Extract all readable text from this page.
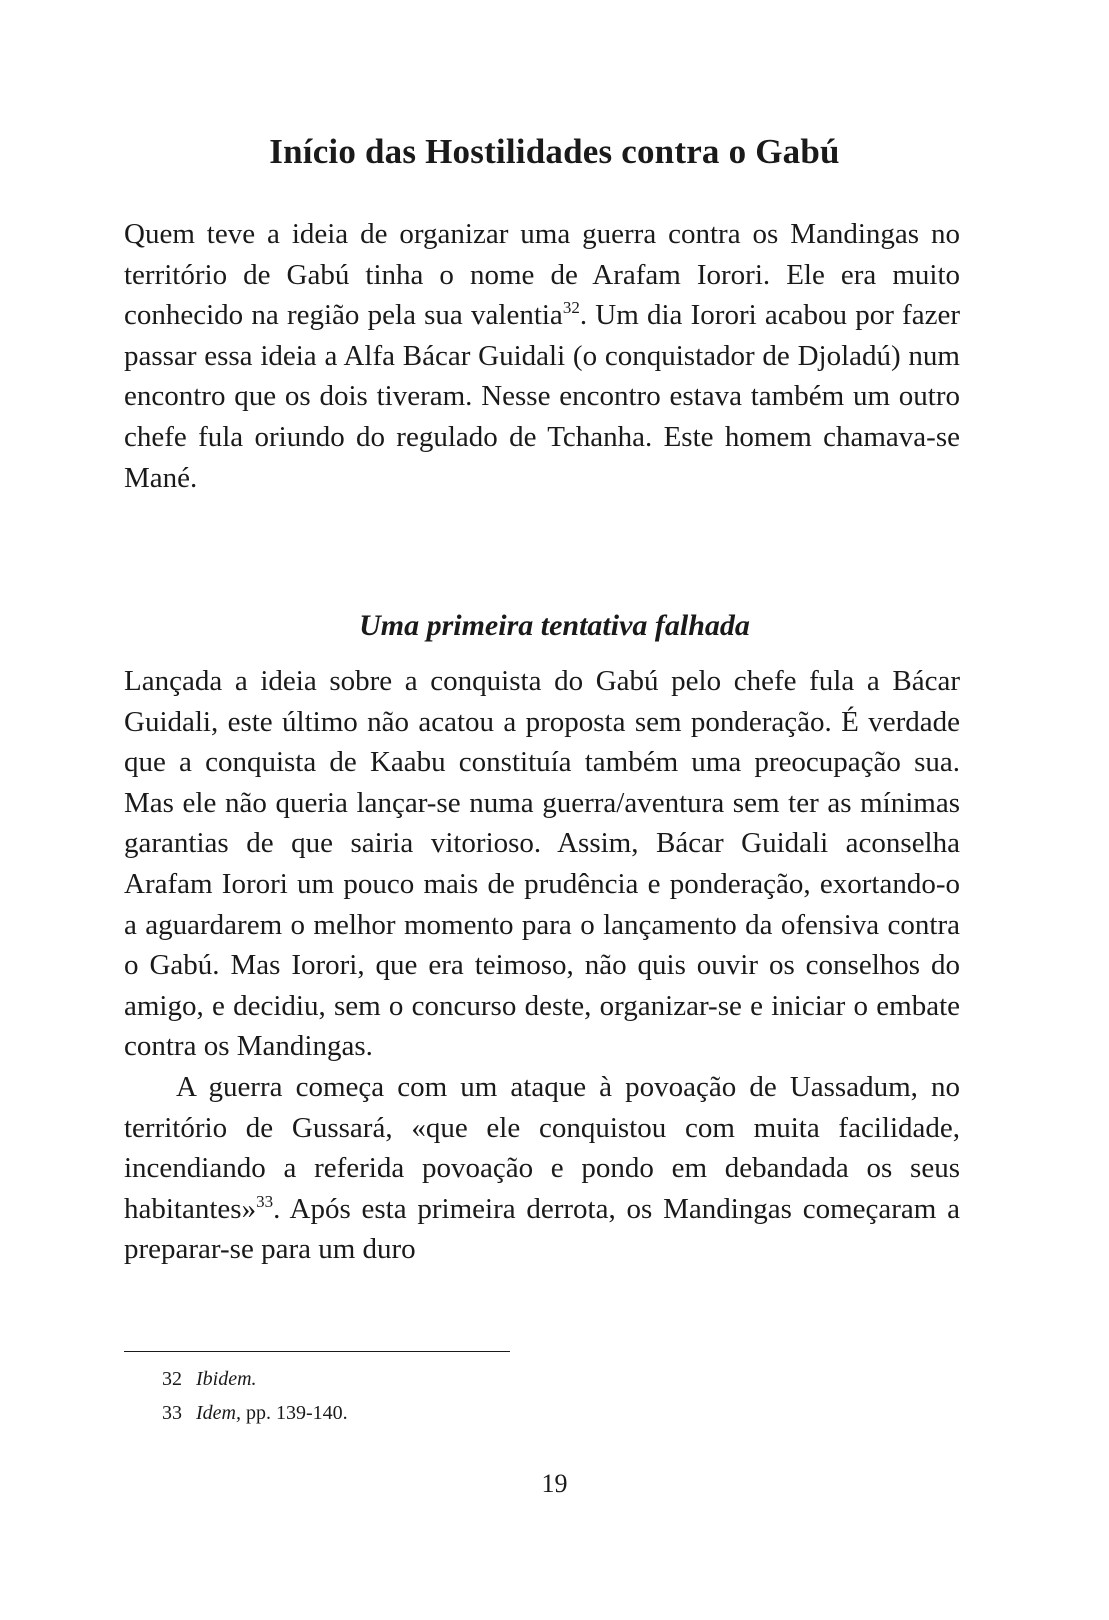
Início das Hostilidades contra o Gabú

Quem teve a ideia de organizar uma guerra contra os Mandingas no território de Gabú tinha o nome de Arafam Iorori. Ele era muito conhecido na região pela sua valentia$^{32}$. Um dia Iorori acabou por fazer passar essa ideia a Alfa Bácar Guidali (o conquistador de Djoladú) num encontro que os dois tiveram. Nesse encontro estava também um outro chefe fula oriundo do regulado de Tchanha. Este homem chamava-se Mané.

Uma primeira tentativa falhada

Lançada a ideia sobre a conquista do Gabú pelo chefe fula a Bácar Guidali, este último não acatou a proposta sem ponderação. É verdade que a conquista de Kaabu constituía também uma preocupação sua. Mas ele não queria lançar-se numa guerra/aventura sem ter as mínimas garantias de que sairia vitorioso. Assim, Bácar Guidali aconselha Arafam Iorori um pouco mais de prudência e ponderação, exortando-o a aguardarem o melhor momento para o lançamento da ofensiva contra o Gabú. Mas Iorori, que era teimoso, não quis ouvir os conselhos do amigo, e decidiu, sem o concurso deste, organizar-se e iniciar o embate contra os Mandingas.

A guerra começa com um ataque à povoação de Uassadum, no território de Gussará, «que ele conquistou com muita facilidade, incendiando a referida povoação e pondo em debandada os seus habitantes»$^{33}$. Após esta primeira derrota, os Mandingas começaram a preparar-se para um duro

32 Ibidem.
33 Idem, pp. 139-140.
19
